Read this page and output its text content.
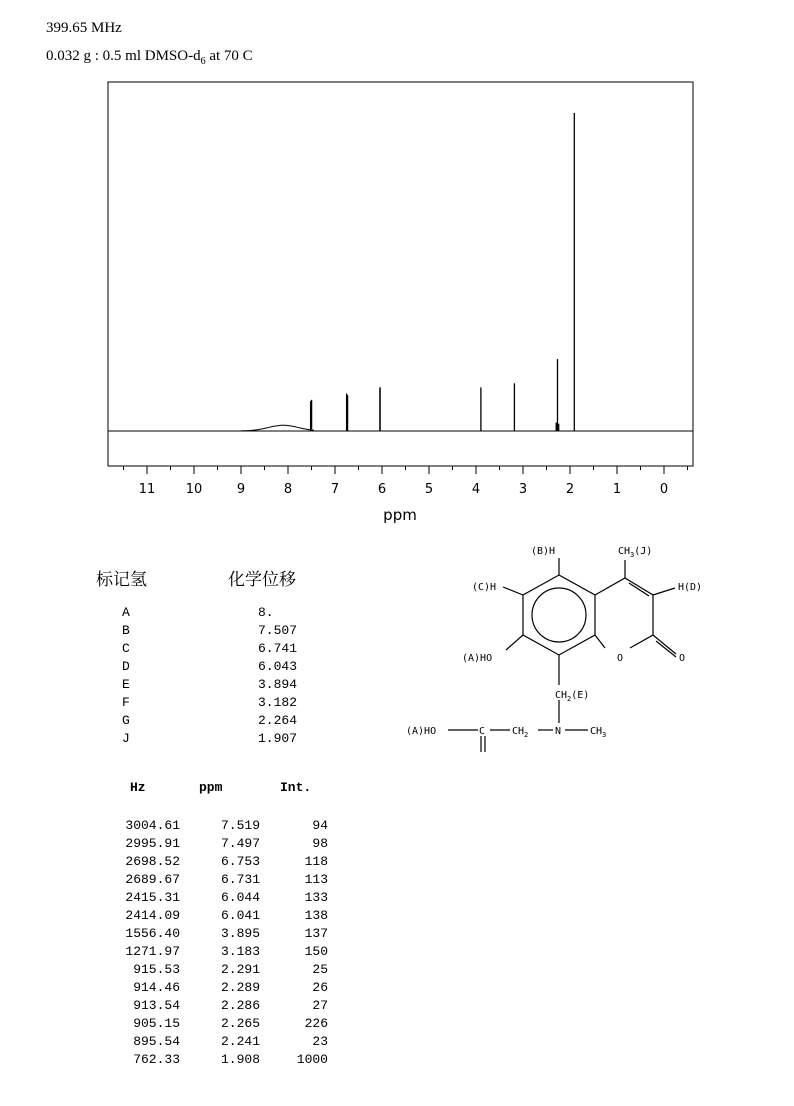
399.65 MHz
0.032 g : 0.5 ml DMSO-$d_6$ at 70 C
11 10	9	8	7	6	5	4	3	2	1	0
ppm
标记氢	化学位移
A	8.
B	7.507
C	6.741
D	6.043
E	3.894
F	3.182
G	2.264
J	1.907
Hz	ppm	Int.
3004.61	7.519	94
2995.91	7.497	98
2698.52	6.753	118
2689.67	6.731	113
2415.31	6.044	133
2414.09	6.041	138
1556.40	3.895	137
1271.97	3.183	150
915.53	2.291	25
914.46	2.289	26
913.54	2.286	27
905.15	2.265	226
895.54	2.241	23
762.33	1.908	1000
(B)H	$CH_3(J)$
(C)H	H(D)
(A)HO	O	O
$CH_2(E)$
(A)HO	C	$CH_2$	N	$CH_3$
